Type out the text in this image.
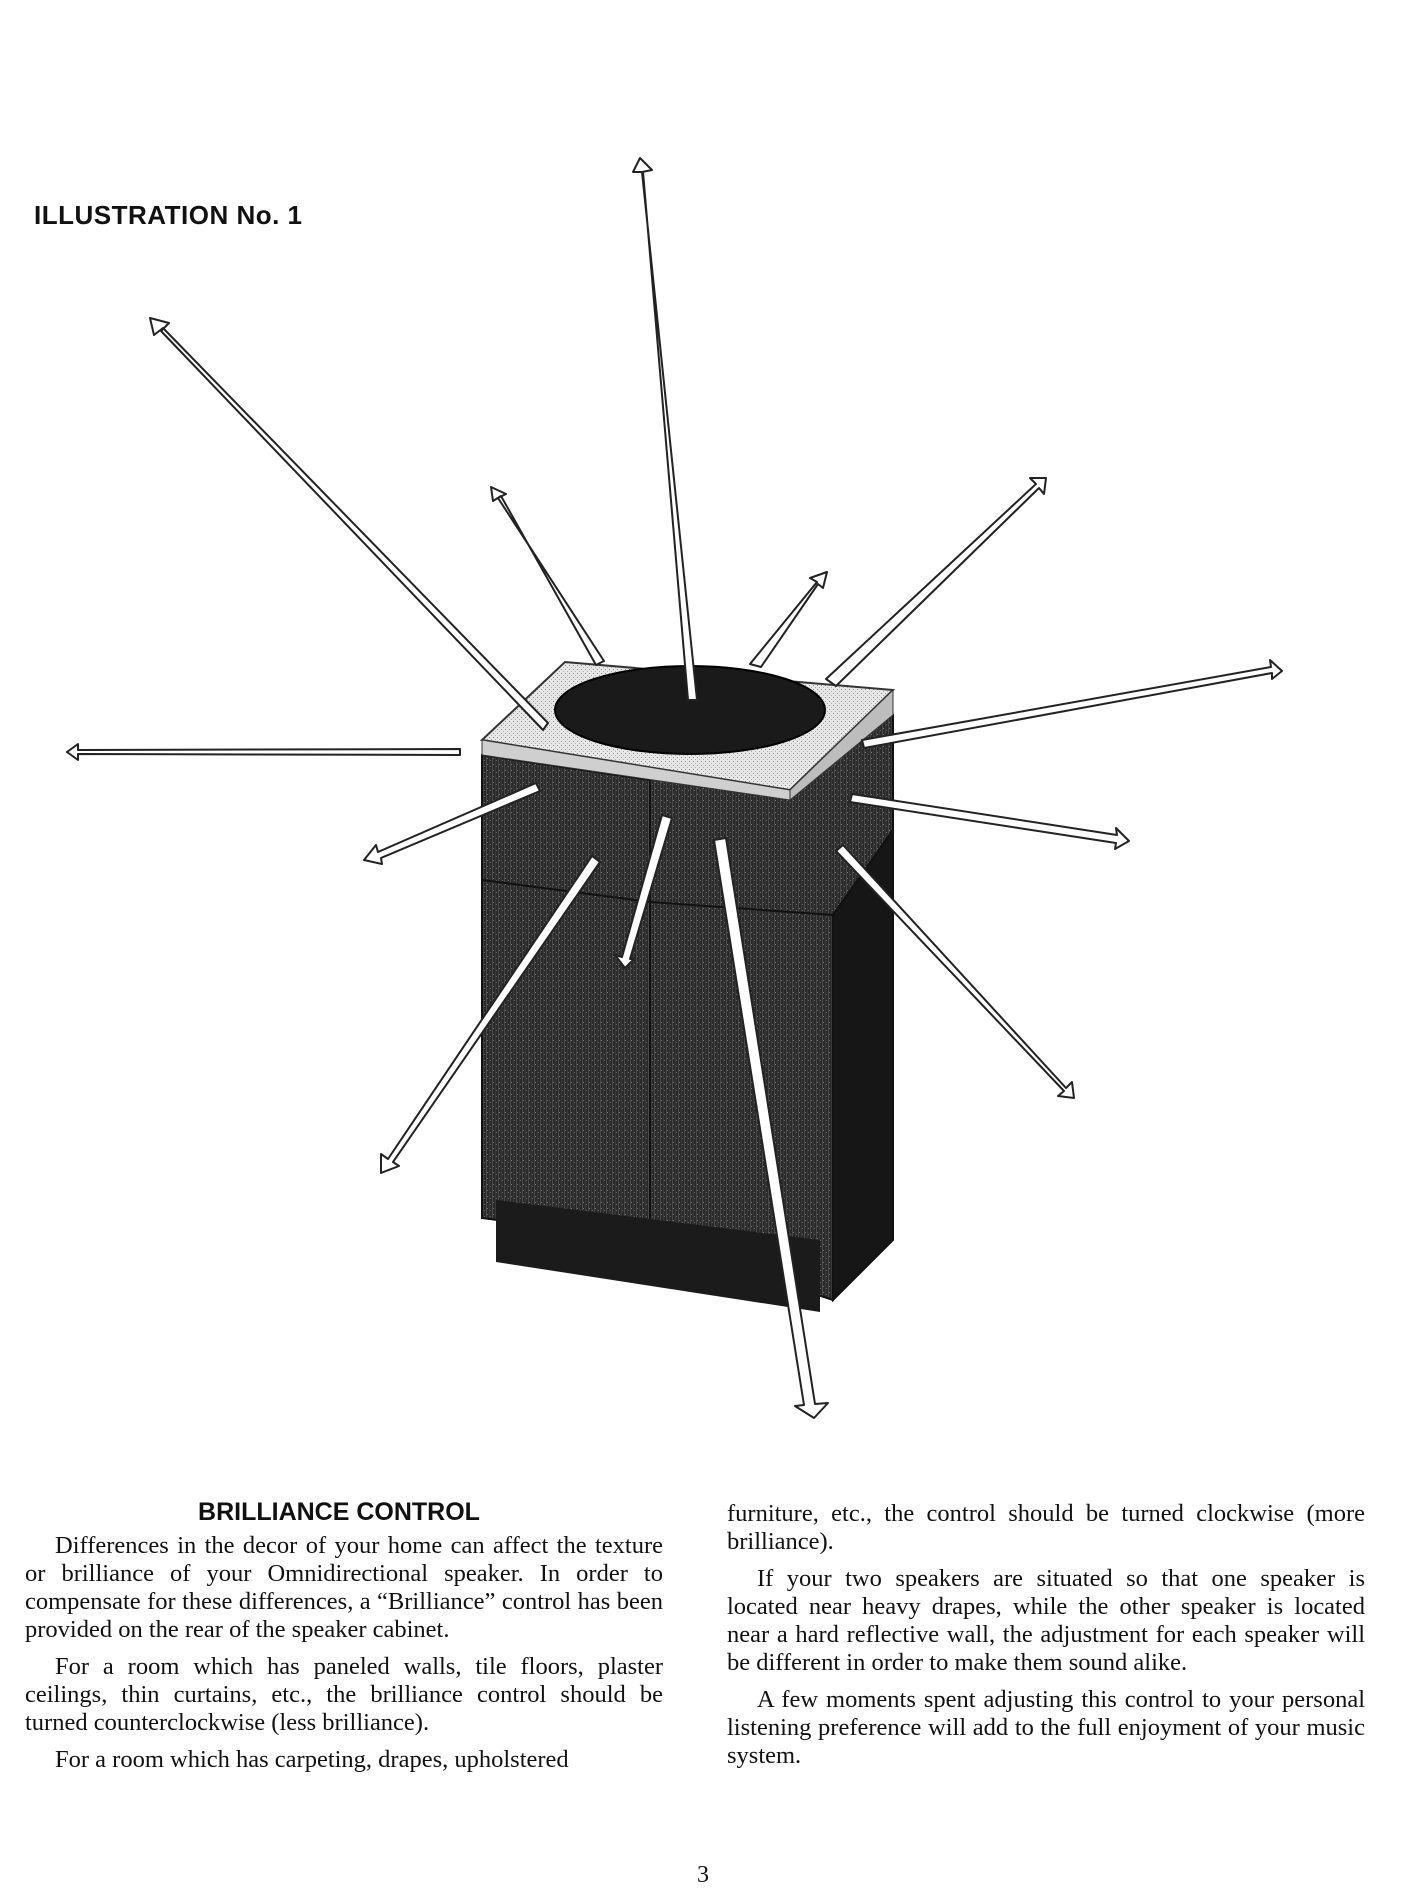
ILLUSTRATION No. 1
BRILLIANCE CONTROL

Differences in the decor of your home can affect the texture or brilliance of your Omnidirectional speaker. In order to compensate for these differences, a “Brilliance” control has been provided on the rear of the speaker cabinet.

For a room which has paneled walls, tile floors, plaster ceilings, thin curtains, etc., the brilliance control should be turned counterclockwise (less brilliance).

For a room which has carpeting, drapes, upholstered

furniture, etc., the control should be turned clockwise (more brilliance).

If your two speakers are situated so that one speaker is located near heavy drapes, while the other speaker is located near a hard reflective wall, the adjustment for each speaker will be different in order to make them sound alike.

A few moments spent adjusting this control to your personal listening preference will add to the full enjoyment of your music system.

3
